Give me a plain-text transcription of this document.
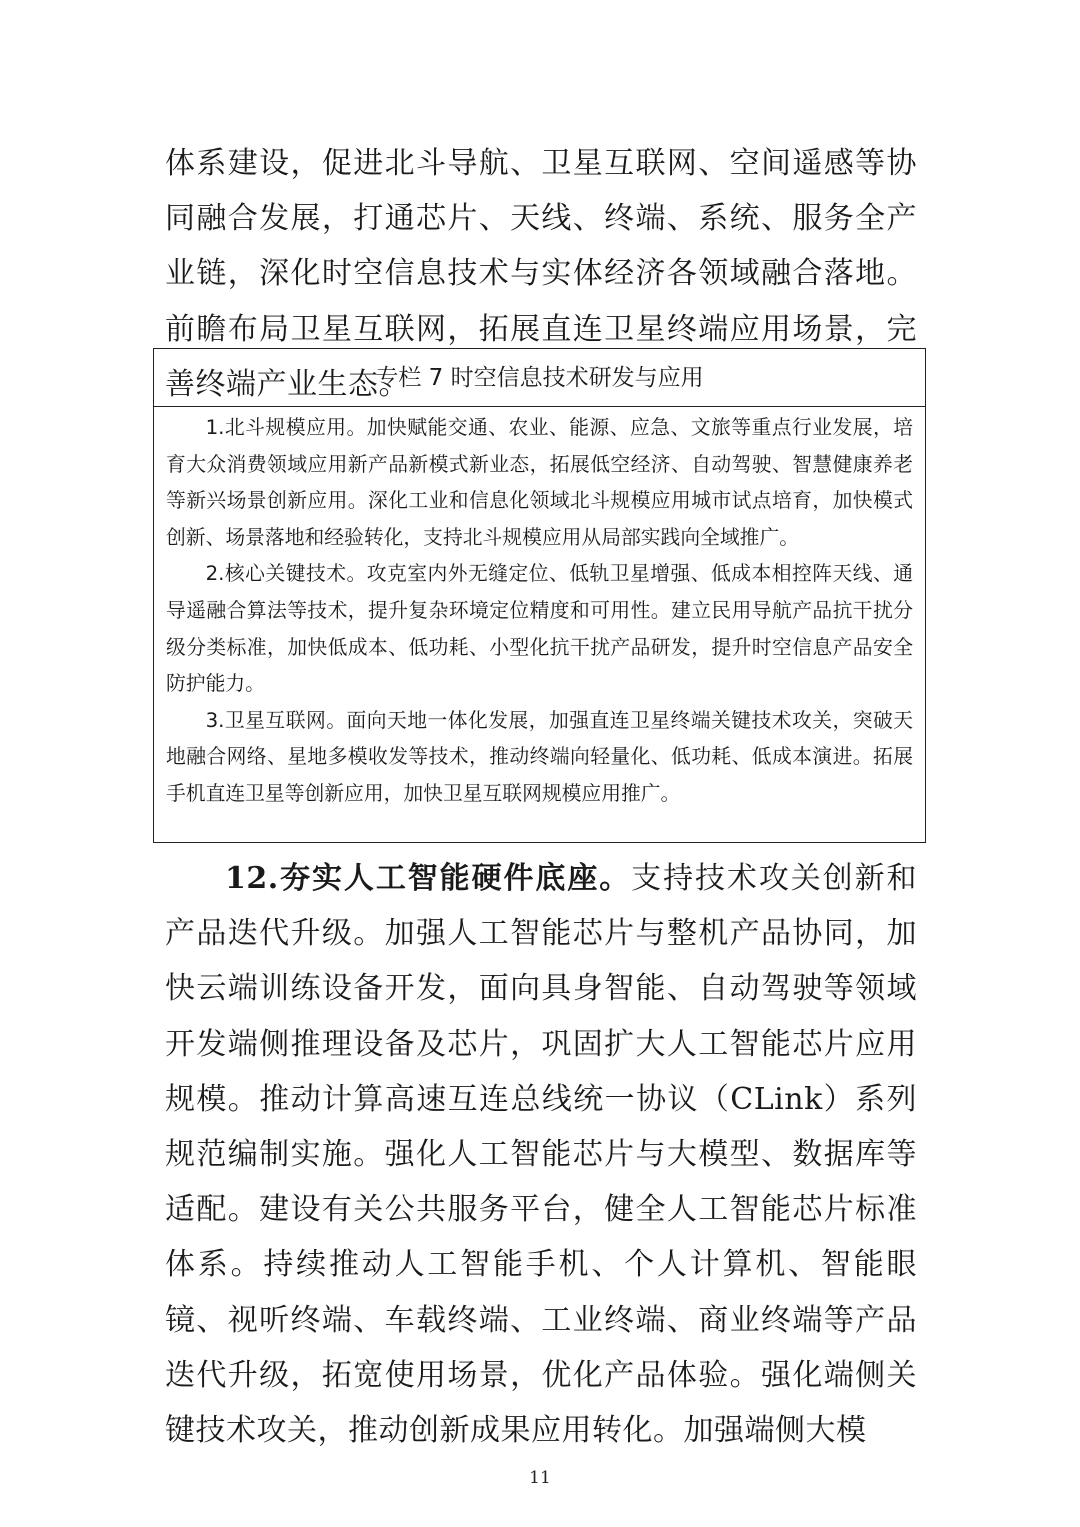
体系建设，促进北斗导航、卫星互联网、空间遥感等协同融合发展，打通芯片、天线、终端、系统、服务全产业链，深化时空信息技术与实体经济各领域融合落地。前瞻布局卫星互联网，拓展直连卫星终端应用场景，完善终端产业生态。

专栏 7 时空信息技术研发与应用

1.北斗规模应用。加快赋能交通、农业、能源、应急、文旅等重点行业发展，培育大众消费领域应用新产品新模式新业态，拓展低空经济、自动驾驶、智慧健康养老等新兴场景创新应用。深化工业和信息化领域北斗规模应用城市试点培育，加快模式创新、场景落地和经验转化，支持北斗规模应用从局部实践向全域推广。

2.核心关键技术。攻克室内外无缝定位、低轨卫星增强、低成本相控阵天线、通导遥融合算法等技术，提升复杂环境定位精度和可用性。建立民用导航产品抗干扰分级分类标准，加快低成本、低功耗、小型化抗干扰产品研发，提升时空信息产品安全防护能力。

3.卫星互联网。面向天地一体化发展，加强直连卫星终端关键技术攻关，突破天地融合网络、星地多模收发等技术，推动终端向轻量化、低功耗、低成本演进。拓展手机直连卫星等创新应用，加快卫星互联网规模应用推广。

12.夯实人工智能硬件底座。支持技术攻关创新和产品迭代升级。加强人工智能芯片与整机产品协同，加快云端训练设备开发，面向具身智能、自动驾驶等领域开发端侧推理设备及芯片，巩固扩大人工智能芯片应用规模。推动计算高速互连总线统一协议（CLink）系列规范编制实施。强化人工智能芯片与大模型、数据库等适配。建设有关公共服务平台，健全人工智能芯片标准体系。持续推动人工智能手机、个人计算机、智能眼镜、视听终端、车载终端、工业终端、商业终端等产品迭代升级，拓宽使用场景，优化产品体验。强化端侧关键技术攻关，推动创新成果应用转化。加强端侧大模

11
